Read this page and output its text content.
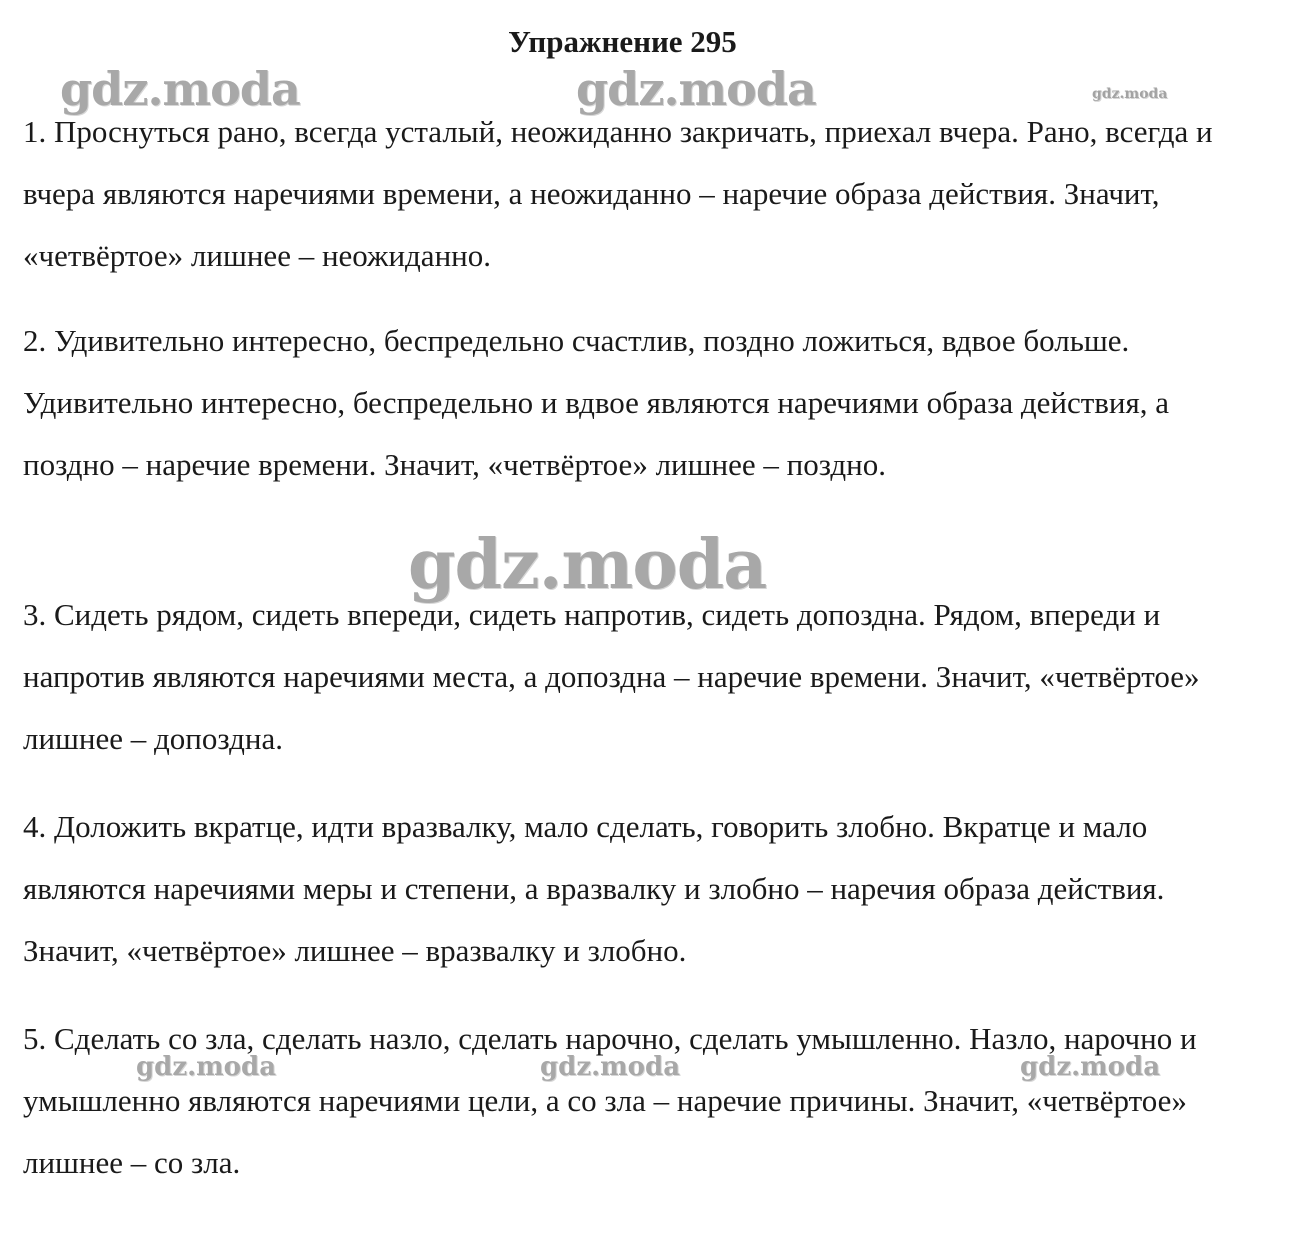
Упражнение 295
gdz.moda	gdz.moda	gdz.moda
gdz.moda
gdz.moda	gdz.moda	gdz.moda

1. Проснуться рано, всегда усталый, неожиданно закричать, приехал вчера. Рано, всегда и вчера являются наречиями времени, а неожиданно – наречие образа действия. Значит, «четвёртое» лишнее – неожиданно.

2. Удивительно интересно, беспредельно счастлив, поздно ложиться, вдвое больше. Удивительно интересно, беспредельно и вдвое являются наречиями образа действия, а поздно – наречие времени. Значит, «четвёртое» лишнее – поздно.

3. Сидеть рядом, сидеть впереди, сидеть напротив, сидеть допоздна. Рядом, впереди и напротив являются наречиями места, а допоздна – наречие времени. Значит, «четвёртое» лишнее – допоздна.

4. Доложить вкратце, идти вразвалку, мало сделать, говорить злобно. Вкратце и мало являются наречиями меры и степени, а вразвалку и злобно – наречия образа действия. Значит, «четвёртое» лишнее – вразвалку и злобно.

5. Сделать со зла, сделать назло, сделать нарочно, сделать умышленно. Назло, нарочно и умышленно являются наречиями цели, а со зла – наречие причины. Значит, «четвёртое» лишнее – со зла.
